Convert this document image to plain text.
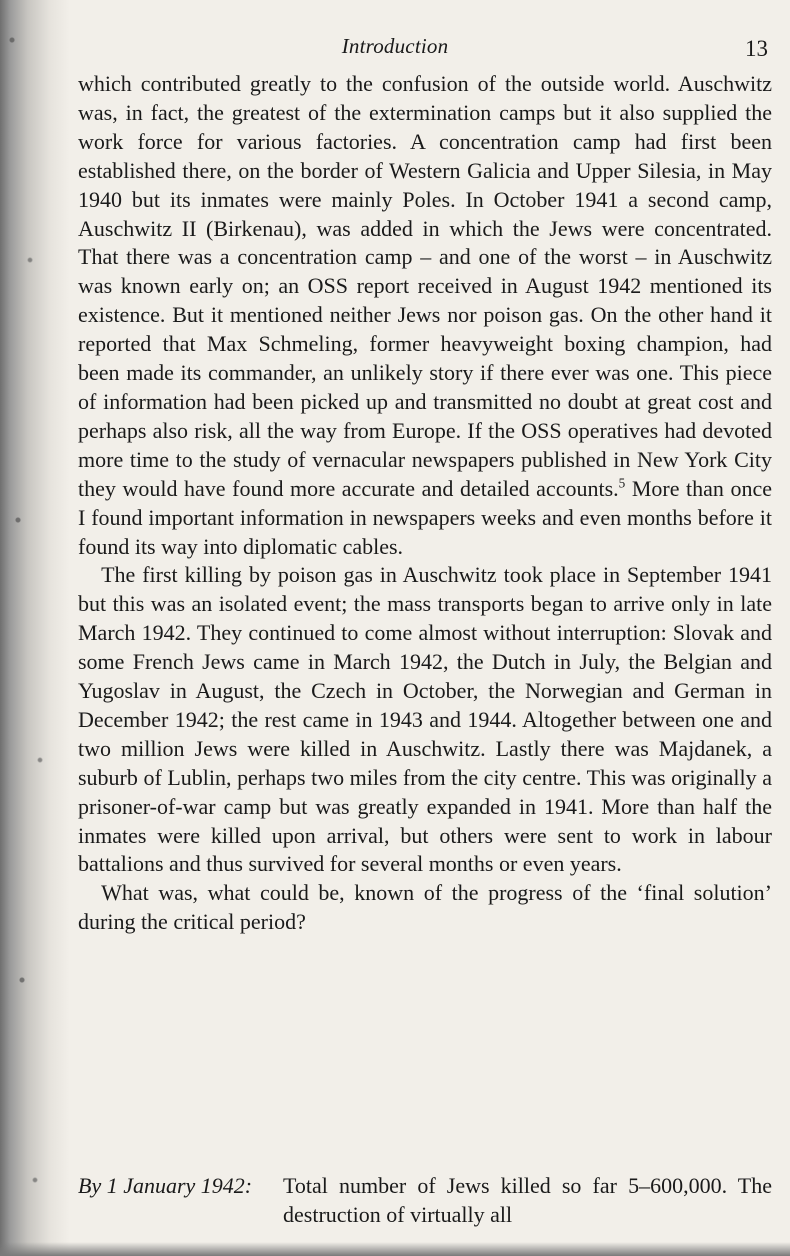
Introduction	13

which contributed greatly to the confusion of the outside world. Auschwitz was, in fact, the greatest of the extermination camps but it also supplied the work force for various factories. A concentration camp had first been established there, on the border of Western Galicia and Upper Silesia, in May 1940 but its inmates were mainly Poles. In October 1941 a second camp, Auschwitz II (Birkenau), was added in which the Jews were concentrated. That there was a concentration camp – and one of the worst – in Auschwitz was known early on; an OSS report received in August 1942 mentioned its existence. But it mentioned neither Jews nor poison gas. On the other hand it reported that Max Schmeling, former heavyweight boxing champion, had been made its commander, an unlikely story if there ever was one. This piece of information had been picked up and transmitted no doubt at great cost and perhaps also risk, all the way from Europe. If the OSS operatives had devoted more time to the study of vernacular newspapers published in New York City they would have found more accurate and detailed accounts.$^5$ More than once I found important information in newspapers weeks and even months before it found its way into diplomatic cables.

The first killing by poison gas in Auschwitz took place in September 1941 but this was an isolated event; the mass transports began to arrive only in late March 1942. They continued to come almost without interruption: Slovak and some French Jews came in March 1942, the Dutch in July, the Belgian and Yugoslav in August, the Czech in October, the Norwegian and German in December 1942; the rest came in 1943 and 1944. Altogether between one and two million Jews were killed in Auschwitz. Lastly there was Majdanek, a suburb of Lublin, perhaps two miles from the city centre. This was originally a prisoner-of-war camp but was greatly expanded in 1941. More than half the inmates were killed upon arrival, but others were sent to work in labour battalions and thus survived for several months or even years.

What was, what could be, known of the progress of the ‘final solution’ during the critical period?

By 1 January 1942: Total number of Jews killed so far 5–600,000. The destruction of virtually all
